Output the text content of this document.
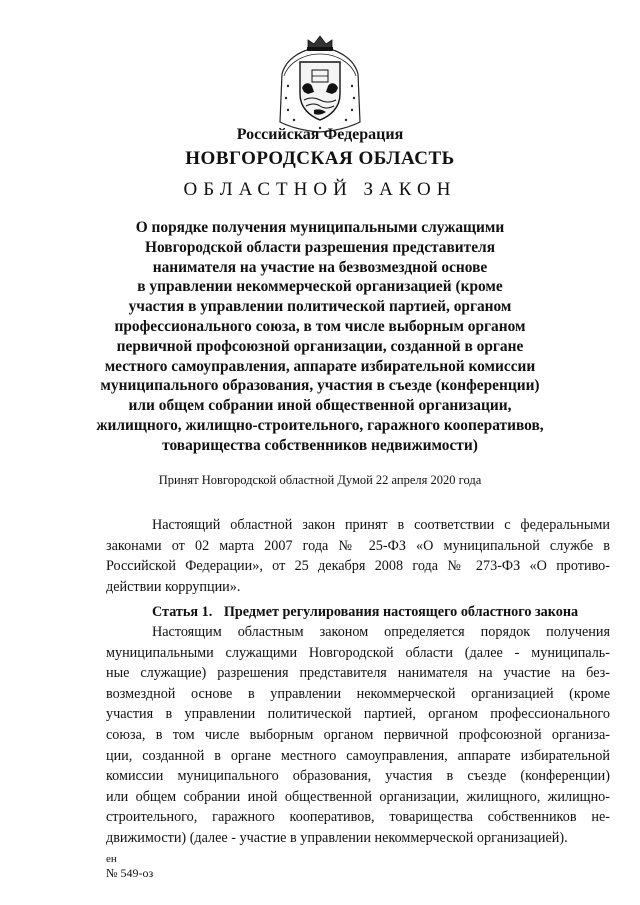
Российская Федерация

НОВГОРОДСКАЯ ОБЛАСТЬ

ОБЛАСТНОЙ ЗАКОН

О порядке получения муниципальными служащими
Новгородской области разрешения представителя
нанимателя на участие на безвозмездной основе
в управлении некоммерческой организацией (кроме
участия в управлении политической партией, органом
профессионального союза, в том числе выборным органом
первичной профсоюзной организации, созданной в органе
местного самоуправления, аппарате избирательной комиссии
муниципального образования, участия в съезде (конференции)
или общем собрании иной общественной организации,
жилищного, жилищно-строительного, гаражного кооперативов,
товарищества собственников недвижимости)

Принят Новгородской областной Думой 22 апреля 2020 года

Настоящий областной закон принят в соответствии с федеральными
законами от 02 марта 2007 года № 25-ФЗ «О муниципальной службе в
Российской Федерации», от 25 декабря 2008 года № 273-ФЗ «О противо-
действии коррупции».
Статья 1. Предмет регулирования настоящего областного закона
Настоящим областным законом определяется порядок получения
муниципальными служащими Новгородской области (далее - муниципаль-
ные служащие) разрешения представителя нанимателя на участие на без-
возмездной основе в управлении некоммерческой организацией (кроме
участия в управлении политической партией, органом профессионального
союза, в том числе выборным органом первичной профсоюзной организа-
ции, созданной в органе местного самоуправления, аппарате избирательной
комиссии муниципального образования, участия в съезде (конференции)
или общем собрании иной общественной организации, жилищного, жилищно-
строительного, гаражного кооперативов, товарищества собственников не-
движимости) (далее - участие в управлении некоммерческой организацией).

ен

№ 549-оз
